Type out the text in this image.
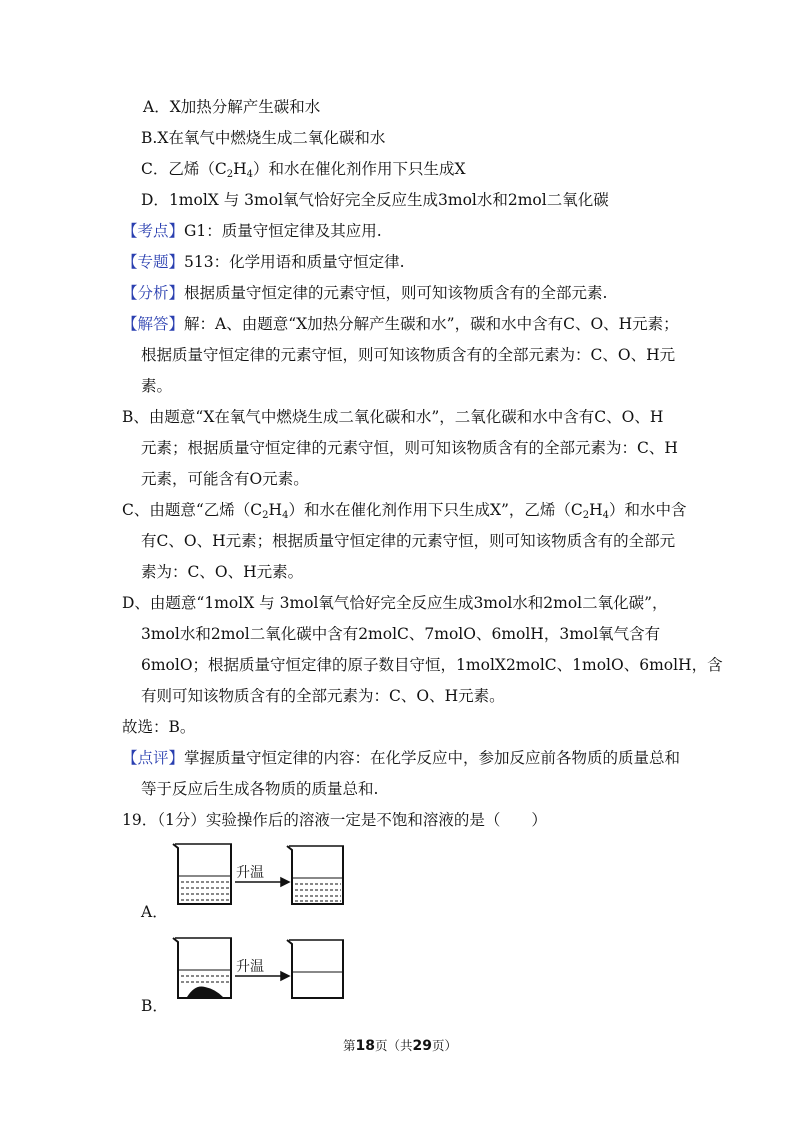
A．X加热分解产生碳和水
B.X在氧气中燃烧生成二氧化碳和水
C．乙烯$(C_2H_4)$和水在催化剂作用下只生成X
D．1molX 与 3mol氧气恰好完全反应生成3mol水和2mol二氧化碳
【考点】G1：质量守恒定律及其应用.
【专题】513：化学用语和质量守恒定律.
【分析】根据质量守恒定律的元素守恒，则可知该物质含有的全部元素.
【解答】解：A、由题意“X加热分解产生碳和水”，碳和水中含有C、O、H元素；
根据质量守恒定律的元素守恒，则可知该物质含有的全部元素为：C、O、H元
素。
B、由题意“X在氧气中燃烧生成二氧化碳和水”，二氧化碳和水中含有C、O、H
元素；根据质量守恒定律的元素守恒，则可知该物质含有的全部元素为：C、H
元素，可能含有O元素。
C、由题意“乙烯$(C_2H_4)$和水在催化剂作用下只生成X”，乙烯$(C_2H_4)$和水中含
有C、O、H元素；根据质量守恒定律的元素守恒，则可知该物质含有的全部元
素为：C、O、H元素。
D、由题意“1molX 与 3mol氧气恰好完全反应生成3mol水和2mol二氧化碳”，
3mol水和2mol二氧化碳中含有2molC、7molO、6molH，3mol氧气含有
6molO；根据质量守恒定律的原子数目守恒，1molX2molC、1molO、6molH，含
有则可知该物质含有的全部元素为：C、O、H元素。
故选：B。
【点评】掌握质量守恒定律的内容：在化学反应中，参加反应前各物质的质量总和
等于反应后生成各物质的质量总和.
19．（1分）实验操作后的溶液一定是不饱和溶液的是（　　）
升温
A．
升温
B．
第18页（共29页）
